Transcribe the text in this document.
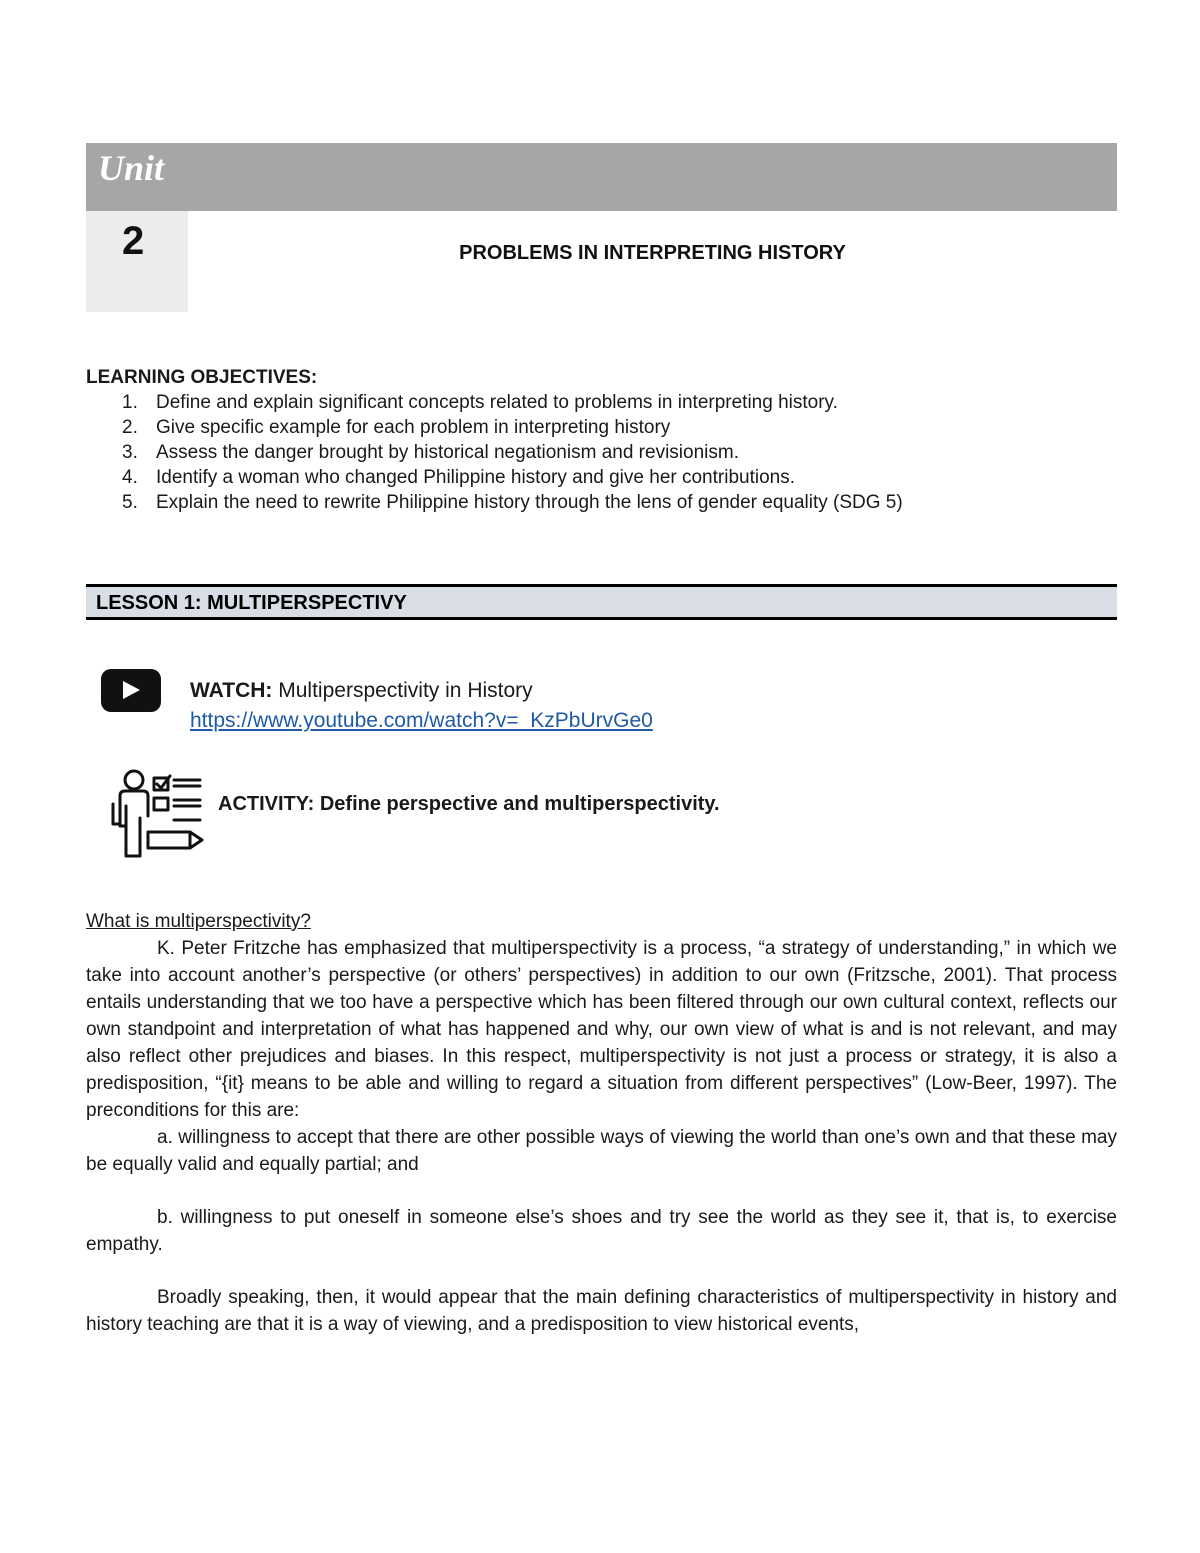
Unit
2	PROBLEMS IN INTERPRETING HISTORY
LEARNING OBJECTIVES:
1. Define and explain significant concepts related to problems in interpreting history.
2. Give specific example for each problem in interpreting history
3. Assess the danger brought by historical negationism and revisionism.
4. Identify a woman who changed Philippine history and give her contributions.
5. Explain the need to rewrite Philippine history through the lens of gender equality (SDG 5)
LESSON 1: MULTIPERSPECTIVY
WATCH: Multiperspectivity in History
https://www.youtube.com/watch?v=_KzPbUrvGe0
ACTIVITY: Define perspective and multiperspectivity.

What is multiperspectivity?

K. Peter Fritzche has emphasized that multiperspectivity is a process, “a strategy of understanding,” in which we take into account another’s perspective (or others’ perspectives) in addition to our own (Fritzsche, 2001). That process entails understanding that we too have a perspective which has been filtered through our own cultural context, reflects our own standpoint and interpretation of what has happened and why, our own view of what is and is not relevant, and may also reflect other prejudices and biases. In this respect, multiperspectivity is not just a process or strategy, it is also a predisposition, “{it} means to be able and willing to regard a situation from different perspectives” (Low-Beer, 1997). The preconditions for this are:

a. willingness to accept that there are other possible ways of viewing the world than one’s own and that these may be equally valid and equally partial; and

b. willingness to put oneself in someone else’s shoes and try see the world as they see it, that is, to exercise empathy.

Broadly speaking, then, it would appear that the main defining characteristics of multiperspectivity in history and history teaching are that it is a way of viewing, and a predisposition to view historical events,
